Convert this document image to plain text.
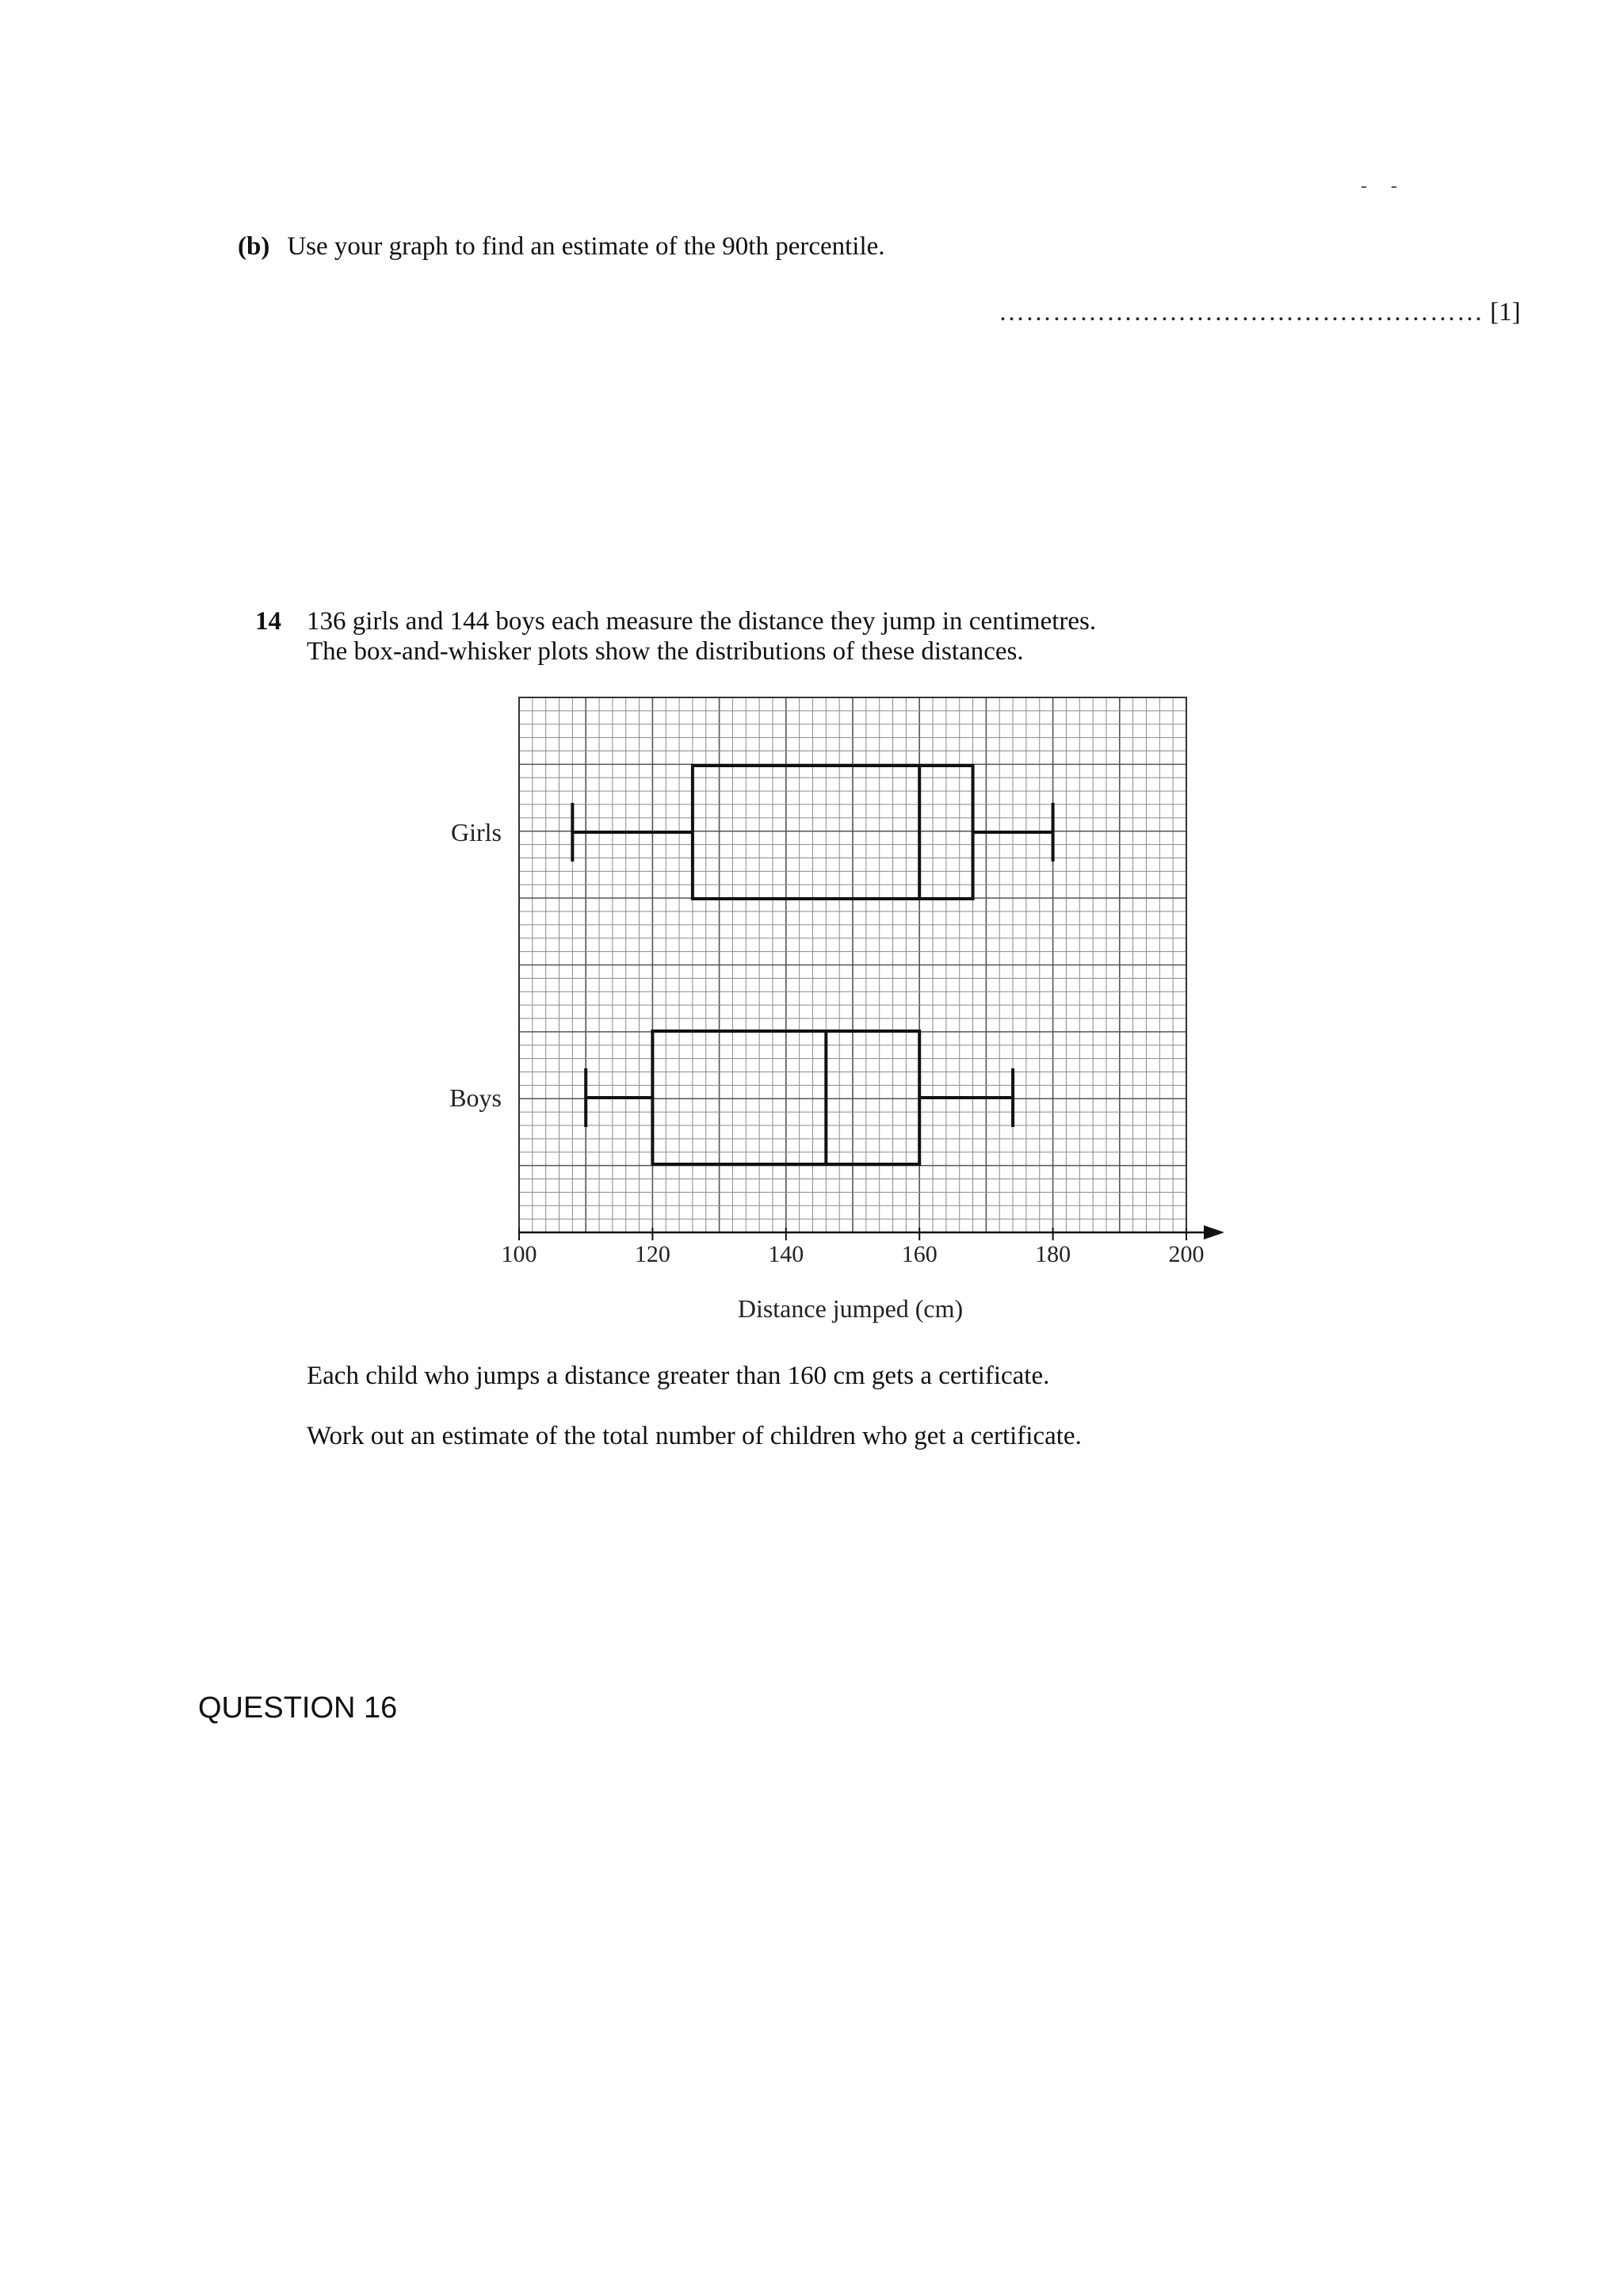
- -
(b) Use your graph to find an estimate of the 90th percentile.
……………………………………………… [1]
14 136 girls and 144 boys each measure the distance they jump in centimetres.
The box-and-whisker plots show the distributions of these distances.
Girls
Boys
100	120	140	160	180	200
Distance jumped (cm)
Each child who jumps a distance greater than 160 cm gets a certificate.
Work out an estimate of the total number of children who get a certificate.
QUESTION 16
